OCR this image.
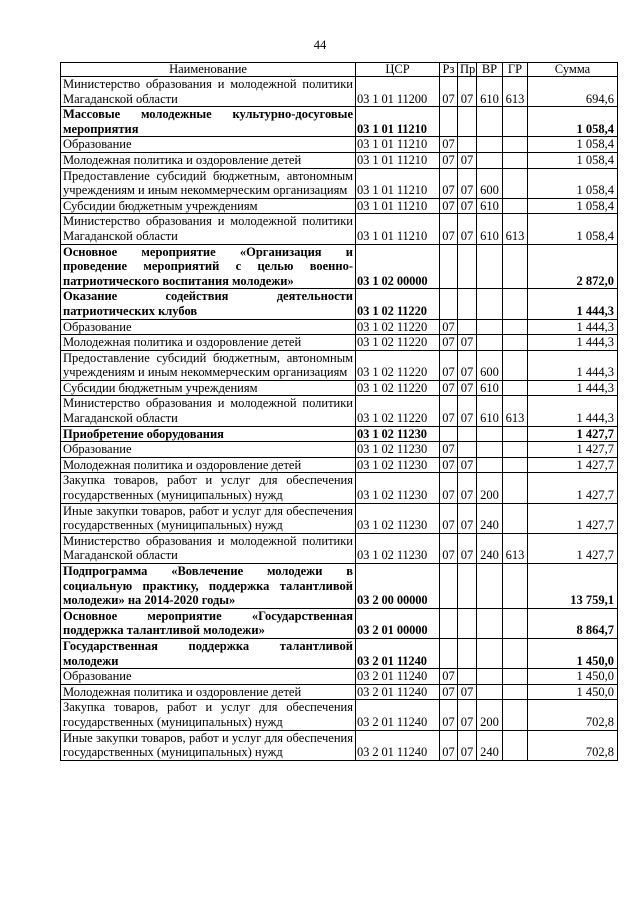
44
Наименование	ЦСР	Рз	Пр	ВР	ГР	Сумма
Министерство образования и молодежной политики Магаданской области	03 1 01 11200	07	07	610	613	694,6
Массовые молодежные культурно-досуговые мероприятия	03 1 01 11210					1 058,4
Образование	03 1 01 11210	07				1 058,4
Молодежная политика и оздоровление детей	03 1 01 11210	07	07			1 058,4
Предоставление субсидий бюджетным, автономным учреждениям и иным некоммерческим организациям	03 1 01 11210	07	07	600		1 058,4
Субсидии бюджетным учреждениям	03 1 01 11210	07	07	610		1 058,4
Министерство образования и молодежной политики Магаданской области	03 1 01 11210	07	07	610	613	1 058,4
Основное мероприятие «Организация и проведение мероприятий с целью военно-патриотического воспитания молодежи»	03 1 02 00000					2 872,0
Оказание содействия деятельности патриотических клубов	03 1 02 11220					1 444,3
Образование	03 1 02 11220	07				1 444,3
Молодежная политика и оздоровление детей	03 1 02 11220	07	07			1 444,3
Предоставление субсидий бюджетным, автономным учреждениям и иным некоммерческим организациям	03 1 02 11220	07	07	600		1 444,3
Субсидии бюджетным учреждениям	03 1 02 11220	07	07	610		1 444,3
Министерство образования и молодежной политики Магаданской области	03 1 02 11220	07	07	610	613	1 444,3
Приобретение оборудования	03 1 02 11230					1 427,7
Образование	03 1 02 11230	07				1 427,7
Молодежная политика и оздоровление детей	03 1 02 11230	07	07			1 427,7
Закупка товаров, работ и услуг для обеспечения государственных (муниципальных) нужд	03 1 02 11230	07	07	200		1 427,7
Иные закупки товаров, работ и услуг для обеспечения государственных (муниципальных) нужд	03 1 02 11230	07	07	240		1 427,7
Министерство образования и молодежной политики Магаданской области	03 1 02 11230	07	07	240	613	1 427,7
Подпрограмма «Вовлечение молодежи в социальную практику, поддержка талантливой молодежи» на 2014-2020 годы»	03 2 00 00000					13 759,1
Основное мероприятие «Государственная поддержка талантливой молодежи»	03 2 01 00000					8 864,7
Государственная поддержка талантливой молодежи	03 2 01 11240					1 450,0
Образование	03 2 01 11240	07				1 450,0
Молодежная политика и оздоровление детей	03 2 01 11240	07	07			1 450,0
Закупка товаров, работ и услуг для обеспечения государственных (муниципальных) нужд	03 2 01 11240	07	07	200		702,8
Иные закупки товаров, работ и услуг для обеспечения государственных (муниципальных) нужд	03 2 01 11240	07	07	240		702,8
